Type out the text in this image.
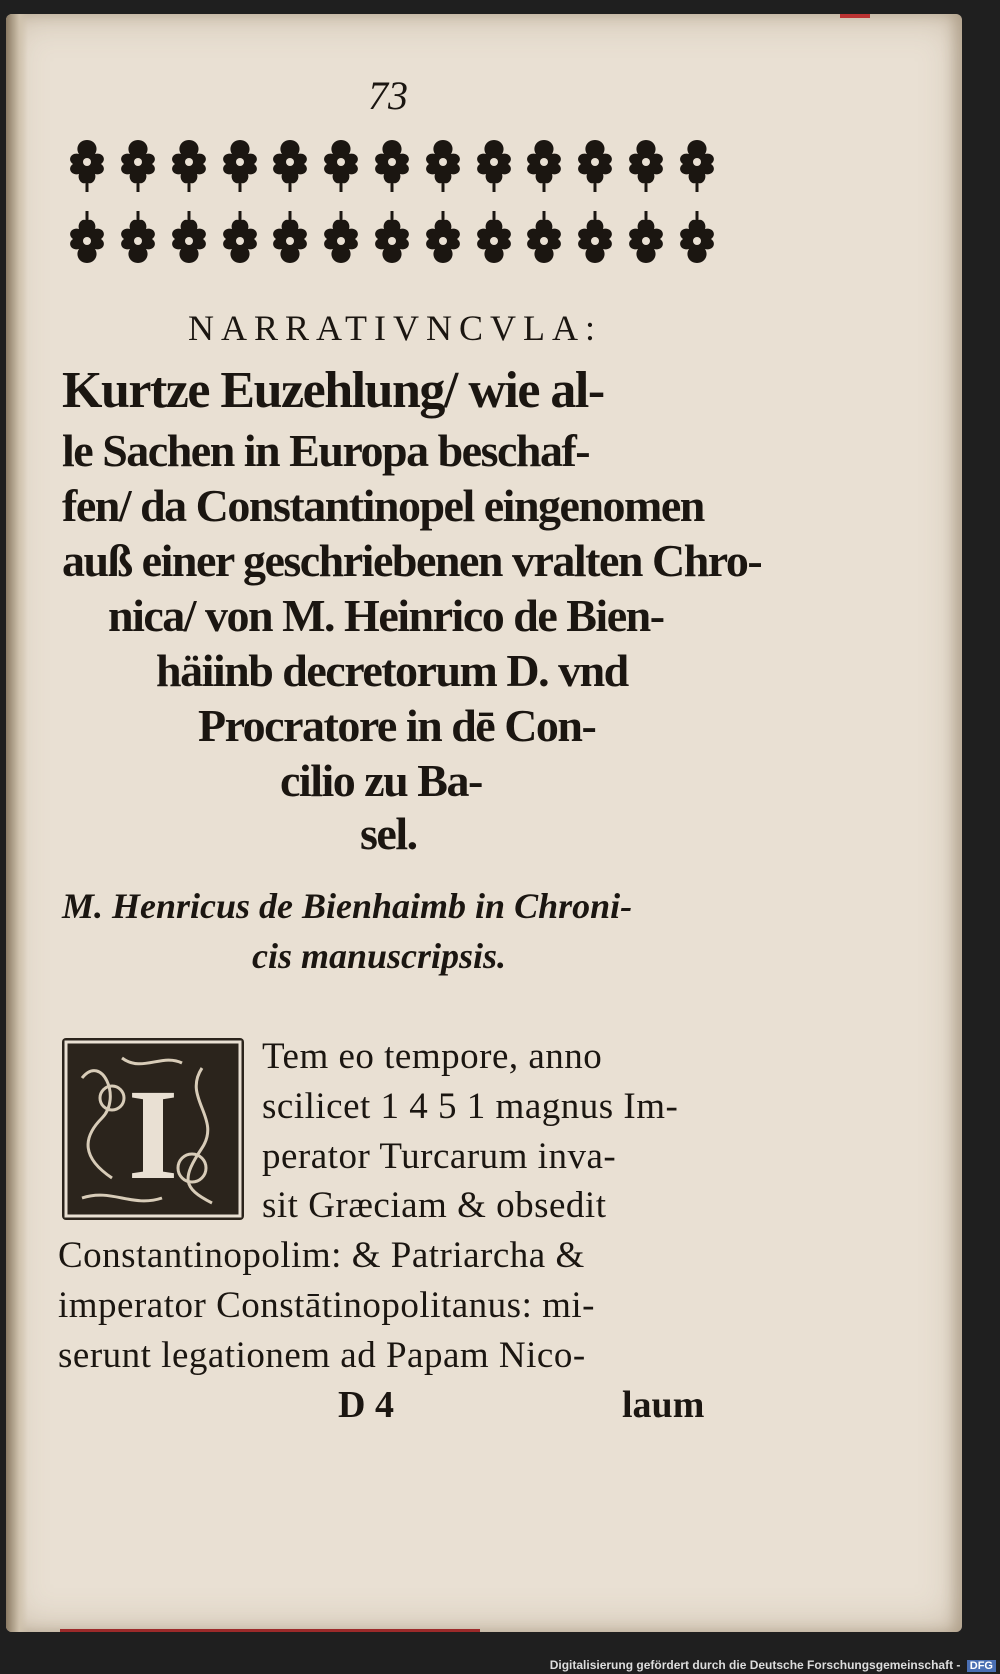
73
NARRATIVNCVLA:
Kurtze Euzehlung/ wie al-
le Sachen in Europa beschaf-
fen/ da Constantinopel eingenomen
auß einer geschriebenen vralten Chro-
nica/ von M. Heinrico de Bien-
häiinb decretorum D. vnd
Procratore in dē Con-
cilio zu Ba-
sel.
M. Henricus de Bienhaimb in Chroni-
cis manuscripsis.
I
Tem eo tempore, anno
scilicet 1 4 5 1 magnus Im-
perator Turcarum inva-
sit Græciam & obsedit
Constantinopolim: & Patriarcha &
imperator Constātinopolitanus: mi-
serunt legationem ad Papam Nico-
D 4	laum
Digitalisierung gefördert durch die Deutsche Forschungsgemeinschaft - DFG
